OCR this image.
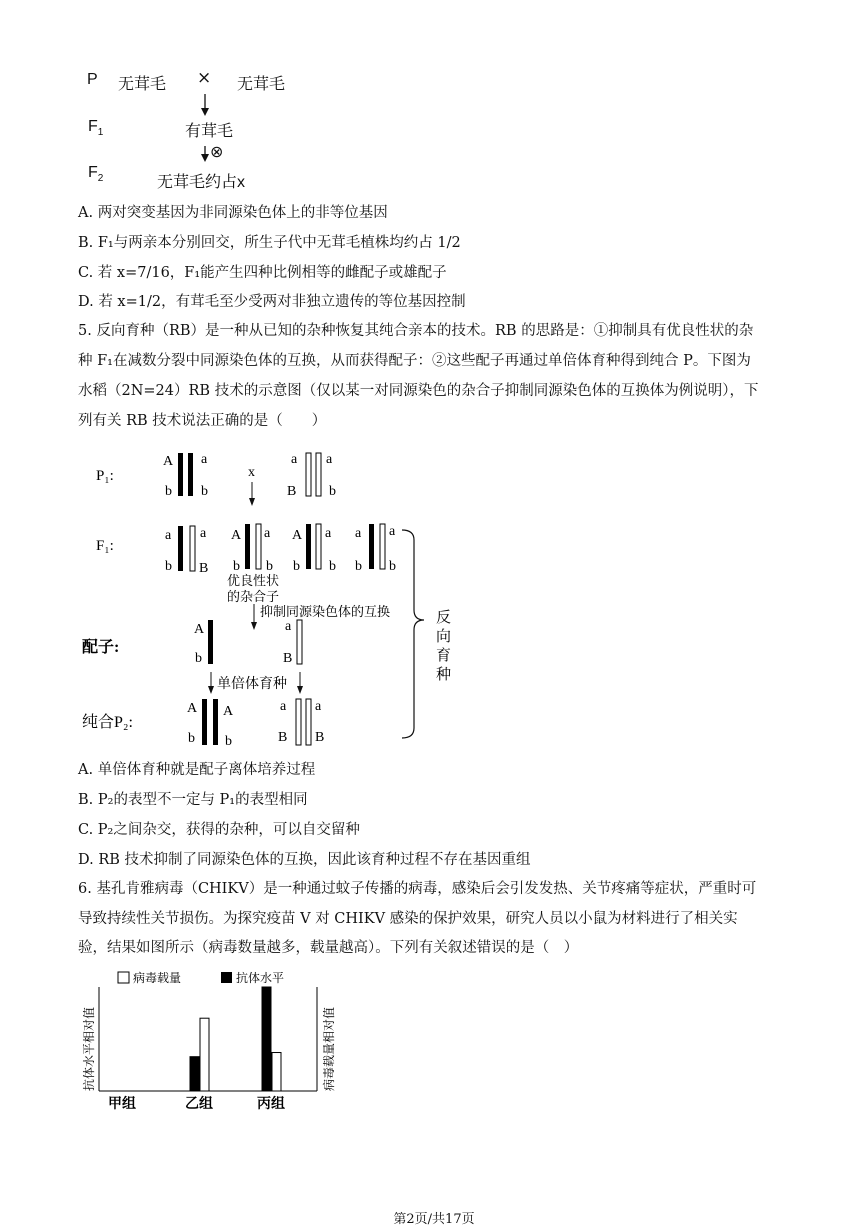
P 无茸毛 × 无茸毛
$F_1$	有茸毛
⊗
$F_2$	无茸毛约占x
A. 两对突变基因为非同源染色体上的非等位基因
B. F₁与两亲本分别回交，所生子代中无茸毛植株均约占 1/2
C. 若 x=7/16，F₁能产生四种比例相等的雌配子或雄配子
D. 若 x=1/2，有茸毛至少受两对非独立遗传的等位基因控制
5. 反向育种（RB）是一种从已知的杂种恢复其纯合亲本的技术。RB 的思路是：①抑制具有优良性状的杂
种 F₁在减数分裂中同源染色体的互换，从而获得配子：②这些配子再通过单倍体育种得到纯合 P。下图为
水稻（2N=24）RB 技术的示意图（仅以某一对同源染色的杂合子抑制同源染色体的互换体为例说明），下
列有关 RB 技术说法正确的是（　　）
P₁:
F₁:
配子:
纯合P₂:
A a
b b
x
a a
B b
a a
b B
A a
b b
A a
b b
a a
b b
优良性状
的杂合子
抑制同源染色体的互换
A
b
a
B
单倍体育种
A A
b b
a a
B B
反
向
育
种
A. 单倍体育种就是配子离体培养过程
B. P₂的表型不一定与 P₁的表型相同
C. P₂之间杂交，获得的杂种，可以自交留种
D. RB 技术抑制了同源染色体的互换，因此该育种过程不存在基因重组
6. 基孔肯雅病毒（CHIKV）是一种通过蚊子传播的病毒，感染后会引发发热、关节疼痛等症状，严重时可
导致持续性关节损伤。为探究疫苗 V 对 CHIKV 感染的保护效果，研究人员以小鼠为材料进行了相关实
验，结果如图所示（病毒数量越多，载量越高）。下列有关叙述错误的是（　）
病毒载量	抗体水平
抗体水平相对值	病毒载量相对值
甲组	乙组	丙组
第2页/共17页
